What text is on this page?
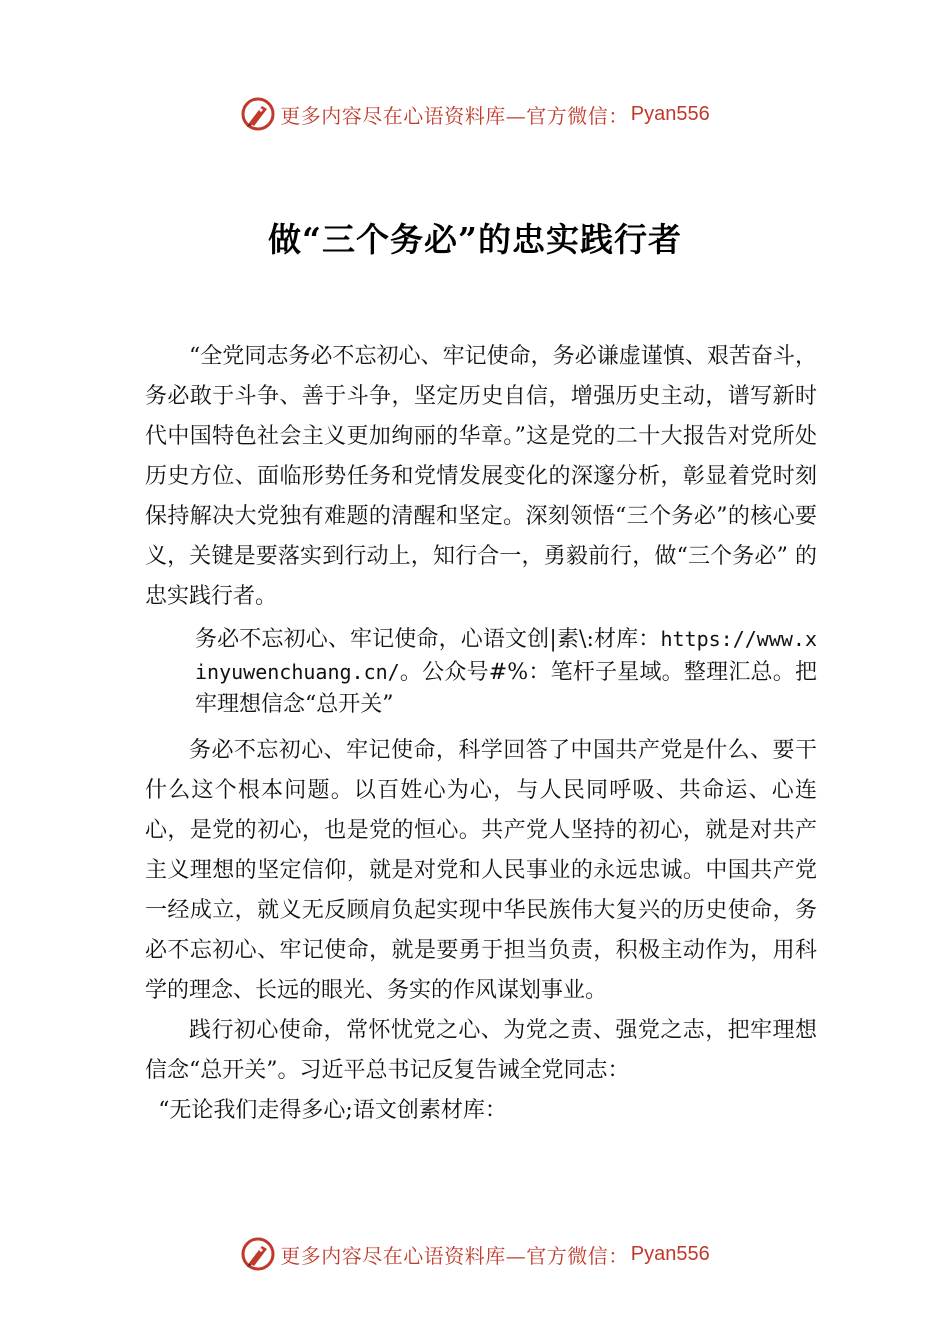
更多内容尽在心语资料库—官方微信： Pyan556
做“三个务必”的忠实践行者

“全党同志务必不忘初心、牢记使命，务必谦虚谨慎、艰苦奋斗，务必敢于斗争、善于斗争，坚定历史自信，增强历史主动，谱写新时代中国特色社会主义更加绚丽的华章。”这是党的二十大报告对党所处历史方位、面临形势任务和党情发展变化的深邃分析，彰显着党时刻保持解决大党独有难题的清醒和坚定。深刻领悟“三个务必”的核心要义，关键是要落实到行动上，知行合一，勇毅前行，做“三个务必” 的忠实践行者。

务必不忘初心、牢记使命，心语文创|素\:材库：https://www.xinyuwenchuang.cn/。公众号#%：笔杆子星域。整理汇总。把牢理想信念“总开关”

务必不忘初心、牢记使命，科学回答了中国共产党是什么、要干什么这个根本问题。以百姓心为心，与人民同呼吸、共命运、心连心，是党的初心，也是党的恒心。共产党人坚持的初心，就是对共产主义理想的坚定信仰，就是对党和人民事业的永远忠诚。中国共产党一经成立，就义无反顾肩负起实现中华民族伟大复兴的历史使命，务必不忘初心、牢记使命，就是要勇于担当负责，积极主动作为，用科学的理念、长远的眼光、务实的作风谋划事业。

践行初心使命，常怀忧党之心、为党之责、强党之志，把牢理想信念“总开关”。习近平总书记反复告诫全党同志：

“无论我们走得多心;语文创素材库：

更多内容尽在心语资料库—官方微信： Pyan556
